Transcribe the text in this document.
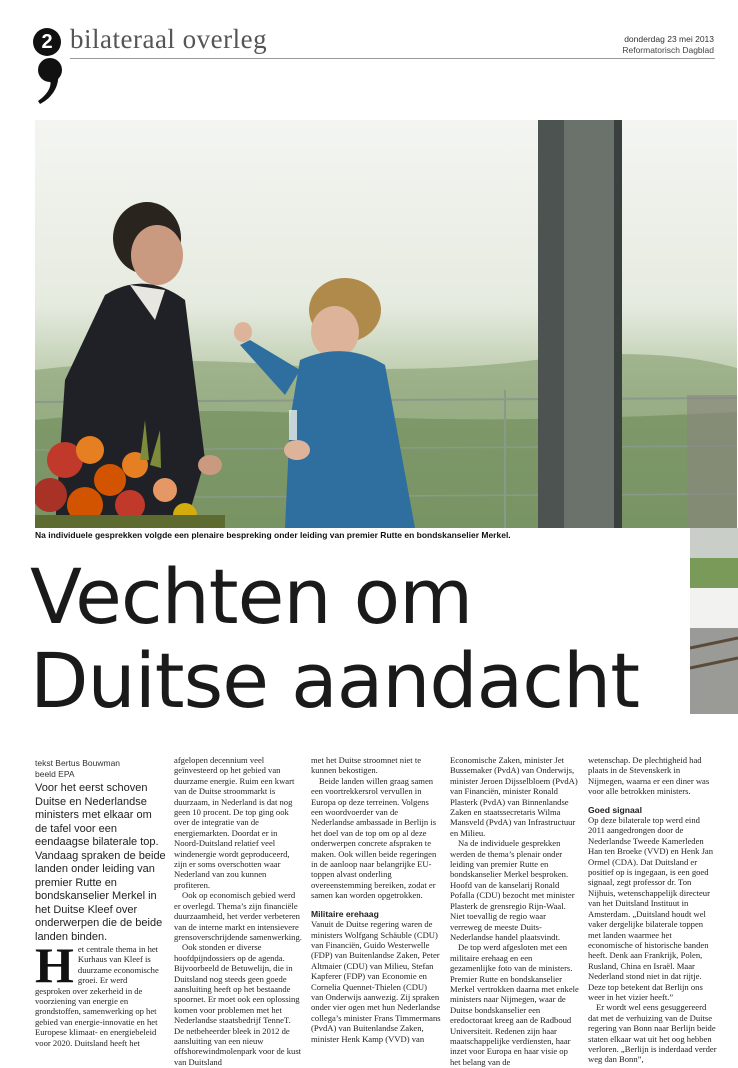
2 bilateraal overleg	donderdag 23 mei 2013
Reformatorisch Dagblad
Na individuele gesprekken volgde een plenaire bespreking onder leiding van premier Rutte en bondskanselier Merkel.
Vechten om
Duitse aandacht
tekst Bertus Bouwman
beeld EPA
Voor het eerst schoven Duitse en Nederlandse ministers met elkaar om de tafel voor een eendaagse bilaterale top. Vandaag spraken de beide landen onder leiding van premier Rutte en bondskanselier Merkel in het Duitse Kleef over onderwerpen die de beide landen binden.
H et centrale thema in het Kurhaus van Kleef is duurzame economische groei. Er werd gesproken over zekerheid in de voorziening van energie en grondstoffen, samenwerking op het gebied van energie-innovatie en het Europese klimaat- en energiebeleid voor 2020. Duitsland heeft het

afgelopen decennium veel geïnvesteerd op het gebied van duurzame energie. Ruim een kwart van de Duitse stroommarkt is duurzaam, in Nederland is dat nog geen 10 procent. De top ging ook over de integratie van de energiemarkten. Doordat er in Noord-Duitsland relatief veel windenergie wordt geproduceerd, zijn er soms overschotten waar Nederland van zou kunnen profiteren.

Ook op economisch gebied werd er overlegd. Thema’s zijn financiële duurzaamheid, het verder verbeteren van de interne markt en intensievere grensoverschrijdende samenwerking.

Ook stonden er diverse hoofdpijndossiers op de agenda. Bijvoorbeeld de Betuwelijn, die in Duitsland nog steeds geen goede aansluiting heeft op het bestaande spoornet. Er moet ook een oplossing komen voor problemen met het Nederlandse staatsbedrijf TenneT. De netbeheerder bleek in 2012 de aansluiting van een nieuw offshorewindmolenpark voor de kust van Duitsland

met het Duitse stroomnet niet te kunnen bekostigen.

Beide landen willen graag samen een voortrekkersrol vervullen in Europa op deze terreinen. Volgens een woordvoerder van de Nederlandse ambassade in Berlijn is het doel van de top om op al deze onderwerpen concrete afspraken te maken. Ook willen beide regeringen in de aanloop naar belangrijke EU-toppen alvast onderling overeenstemming bereiken, zodat er samen kan worden opgetrokken.

Militaire erehaag

Vanuit de Duitse regering waren de ministers Wolfgang Schäuble (CDU) van Financiën, Guido Westerwelle (FDP) van Buitenlandse Zaken, Peter Altmaier (CDU) van Milieu, Stefan Kapferer (FDP) van Economie en Cornelia Quennet-Thielen (CDU) van Onderwijs aanwezig. Zij spraken onder vier ogen met hun Nederlandse collega’s minister Frans Timmermans (PvdA) van Buitenlandse Zaken, minister Henk Kamp (VVD) van

Economische Zaken, minister Jet Bussemaker (PvdA) van Onderwijs, minister Jeroen Dijsselbloem (PvdA) van Financiën, minister Ronald Plasterk (PvdA) van Binnenlandse Zaken en staatssecretaris Wilma Mansveld (PvdA) van Infrastructuur en Milieu.

Na de individuele gesprekken werden de thema’s plenair onder leiding van premier Rutte en bondskanselier Merkel besproken. Hoofd van de kanselarij Ronald Pofalla (CDU) bezocht met minister Plasterk de grensregio Rijn-Waal. Niet toevallig de regio waar verreweg de meeste Duits-Nederlandse handel plaatsvindt.

De top werd afgesloten met een militaire erehaag en een gezamenlijke foto van de ministers. Premier Rutte en bondskanselier Merkel vertrokken daarna met enkele ministers naar Nijmegen, waar de Duitse bondskanselier een eredoctoraat kreeg aan de Radboud Universiteit. Redenen zijn haar maatschappelijke verdiensten, haar inzet voor Europa en haar visie op het belang van de

wetenschap. De plechtigheid had plaats in de Stevenskerk in Nijmegen, waarna er een diner was voor alle betrokken ministers.

Goed signaal

Op deze bilaterale top werd eind 2011 aangedrongen door de Nederlandse Tweede Kamerleden Han ten Broeke (VVD) en Henk Jan Ormel (CDA). Dat Duitsland er positief op is ingegaan, is een goed signaal, zegt professor dr. Ton Nijhuis, wetenschappelijk directeur van het Duitsland Instituut in Amsterdam. „Duitsland houdt wel vaker dergelijke bilaterale toppen met landen waarmee het economische of historische banden heeft. Denk aan Frankrijk, Polen, Rusland, China en Israël. Maar Nederland stond niet in dat rijtje. Deze top betekent dat Berlijn ons weer in het vizier heeft.”

Er wordt wel eens gesuggereerd dat met de verhuizing van de Duitse regering van Bonn naar Berlijn beide staten elkaar wat uit het oog hebben verloren. „Berlijn is inderdaad verder weg dan Bonn”,
